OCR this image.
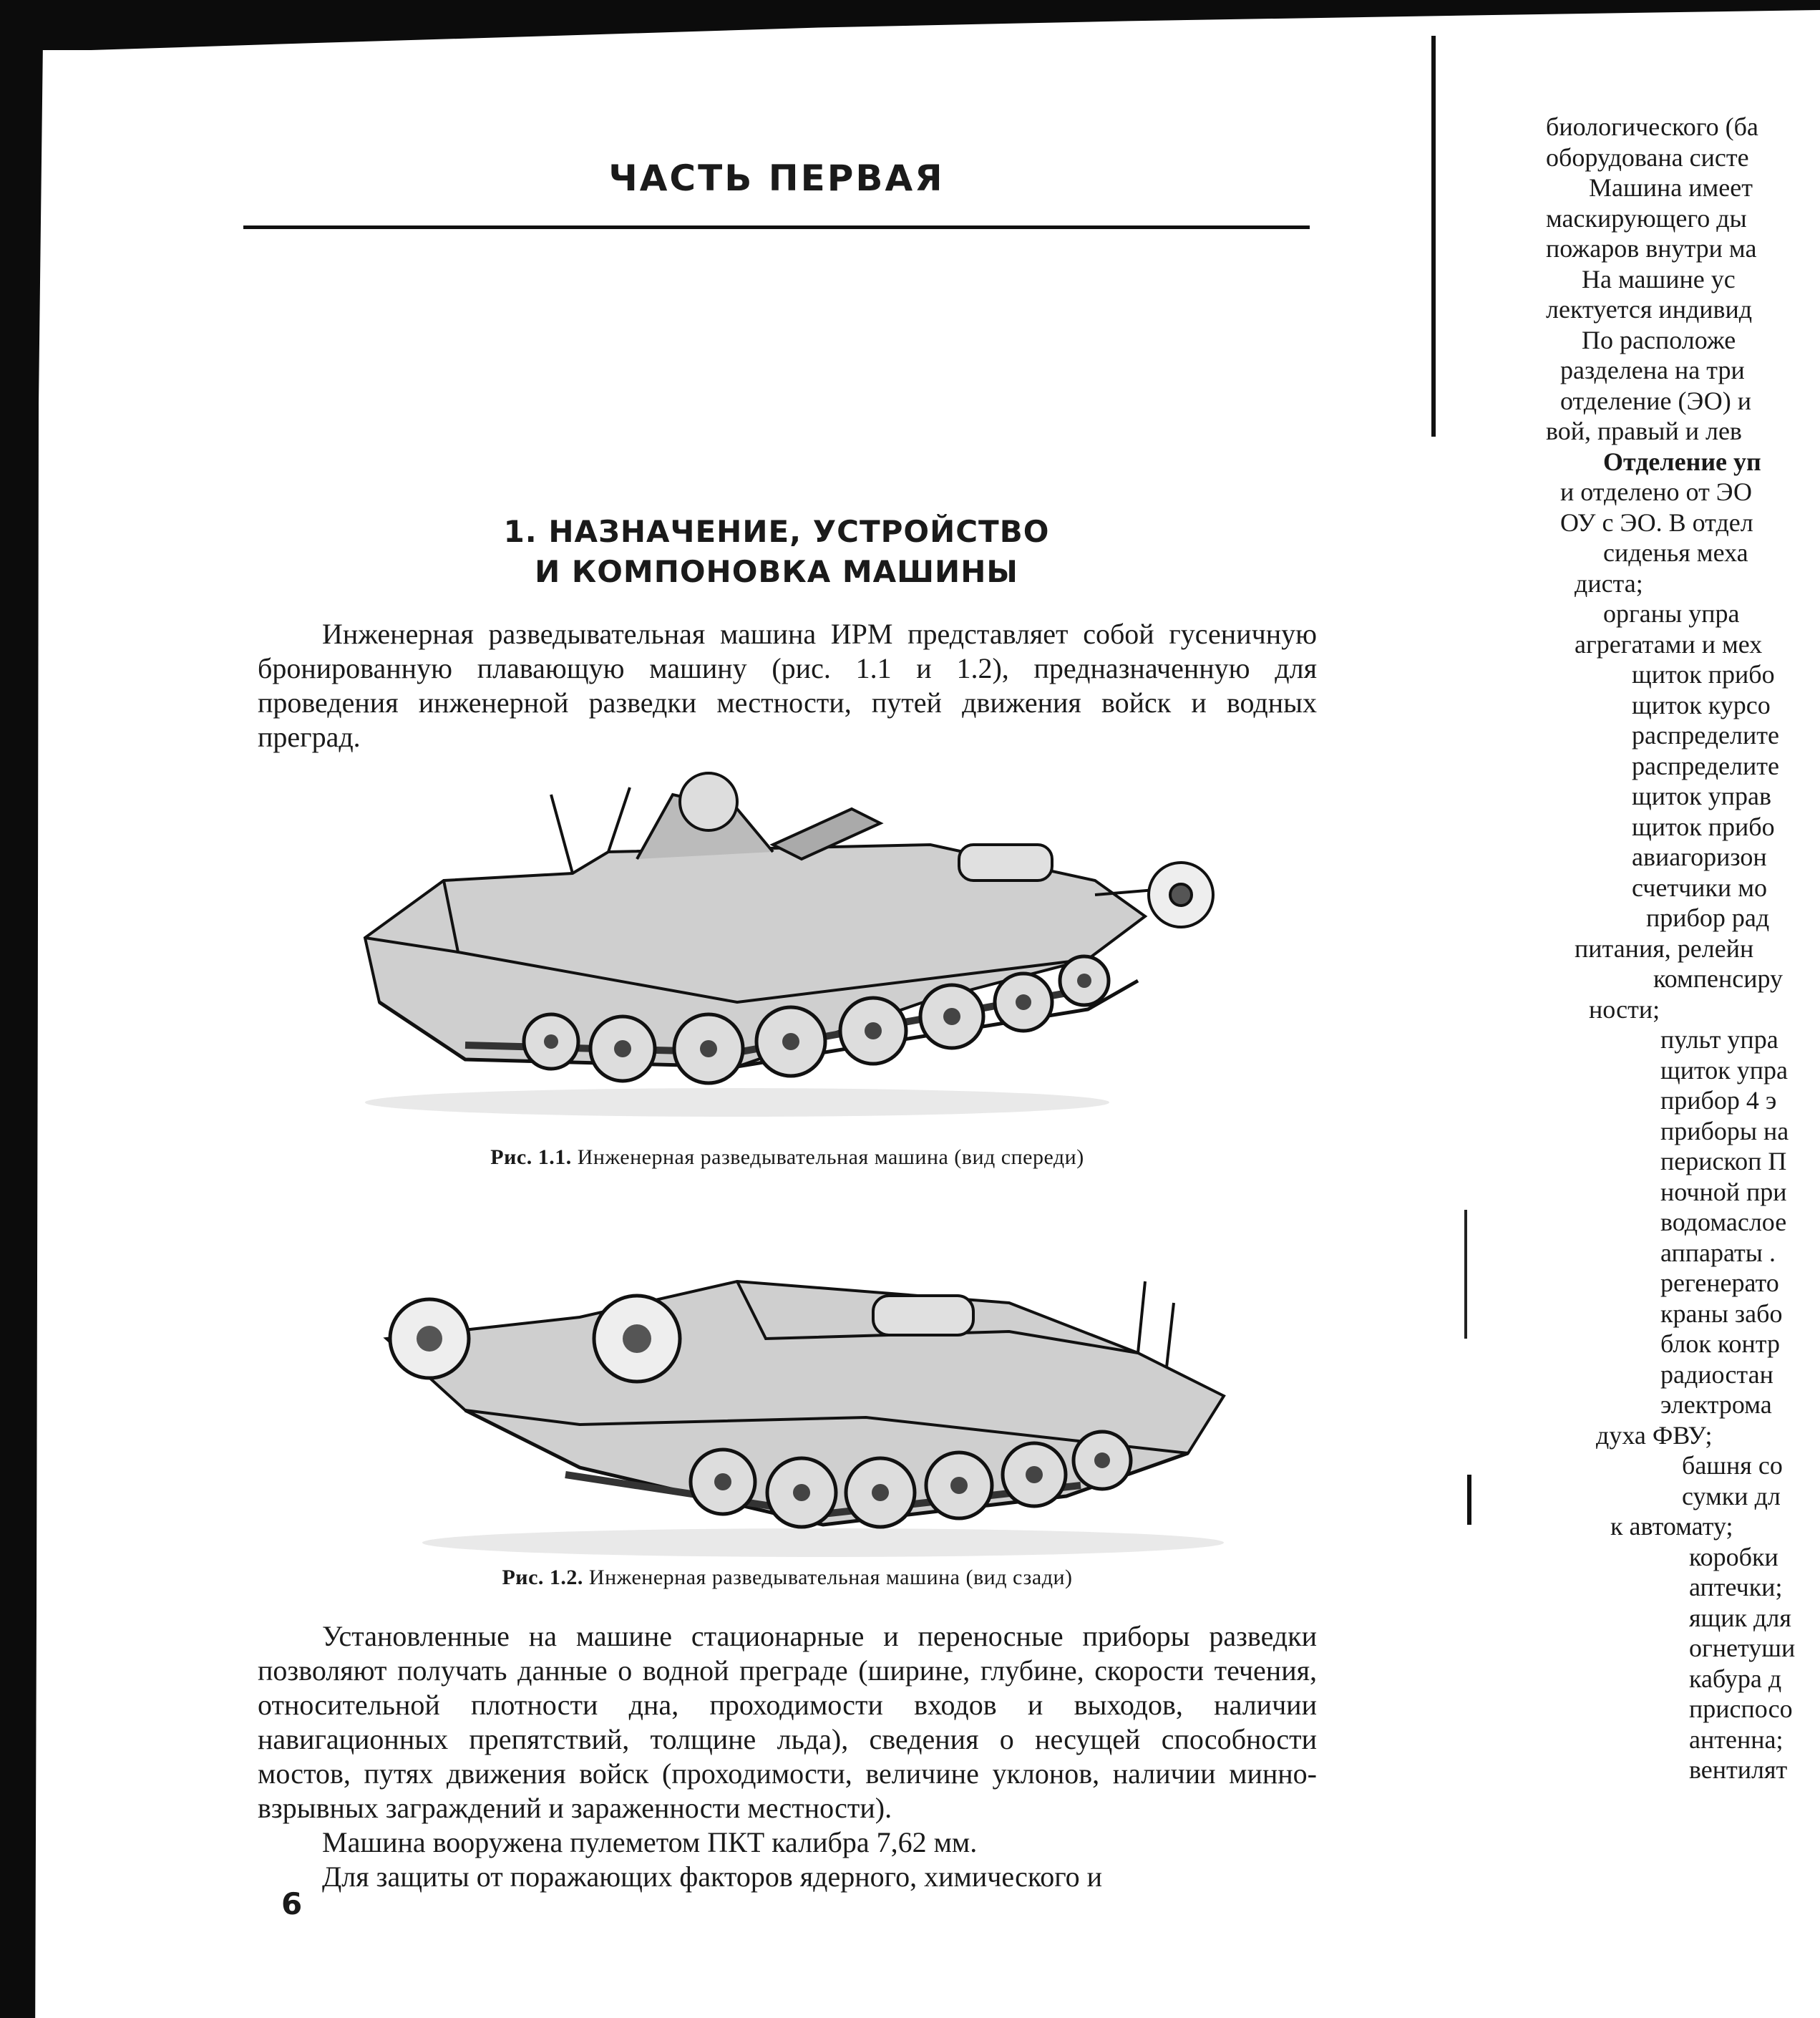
ЧАСТЬ ПЕРВАЯ
1. НАЗНАЧЕНИЕ, УСТРОЙСТВО
И КОМПОНОВКА МАШИНЫ

Инженерная разведывательная машина ИРМ представляет собой гусеничную бронированную плавающую машину (рис. 1.1 и 1.2), предназначенную для проведения инженерной разведки местности, путей движения войск и водных преград.

Рис. 1.1. Инженерная разведывательная машина (вид спереди)
Рис. 1.2. Инженерная разведывательная машина (вид сзади)

Установленные на машине стационарные и переносные приборы разведки позволяют получать данные о водной преграде (ширине, глубине, скорости течения, относительной плотности дна, проходимости входов и выходов, наличии навигационных препятствий, толщине льда), сведения о несущей способности мостов, путях движения войск (проходимости, величине уклонов, наличии минно-взрывных заграждений и зараженности местности).

Машина вооружена пулеметом ПКТ калибра 7,62 мм.

Для защиты от поражающих факторов ядерного, химического и

6
биологического (ба
оборудована систе
Машина имеет
маскирующего ды
пожаров внутри ма
На машине ус
лектуется индивид
По расположе
разделена на три
отделение (ЭО) и
вой, правый и лев
Отделение уп
и отделено от ЭО
ОУ с ЭО. В отдел
сиденья меха
диста;
органы упра
агрегатами и мех
щиток прибо
щиток курсо
распределите
распределите
щиток управ
щиток прибо
авиагоризон
счетчики мо
прибор рад
питания, релейн
компенсиру
ности;
пульт упра
щиток упра
прибор 4 э
приборы на
перископ П
ночной при
водомаслое
аппараты .
регенерато
краны забо
блок контр
радиостан
электрома
духа ФВУ;
башня со
сумки дл
к автомату;
коробки
аптечки;
ящик для
огнетуши
кабура д
приспосо
антенна;
вентилят
